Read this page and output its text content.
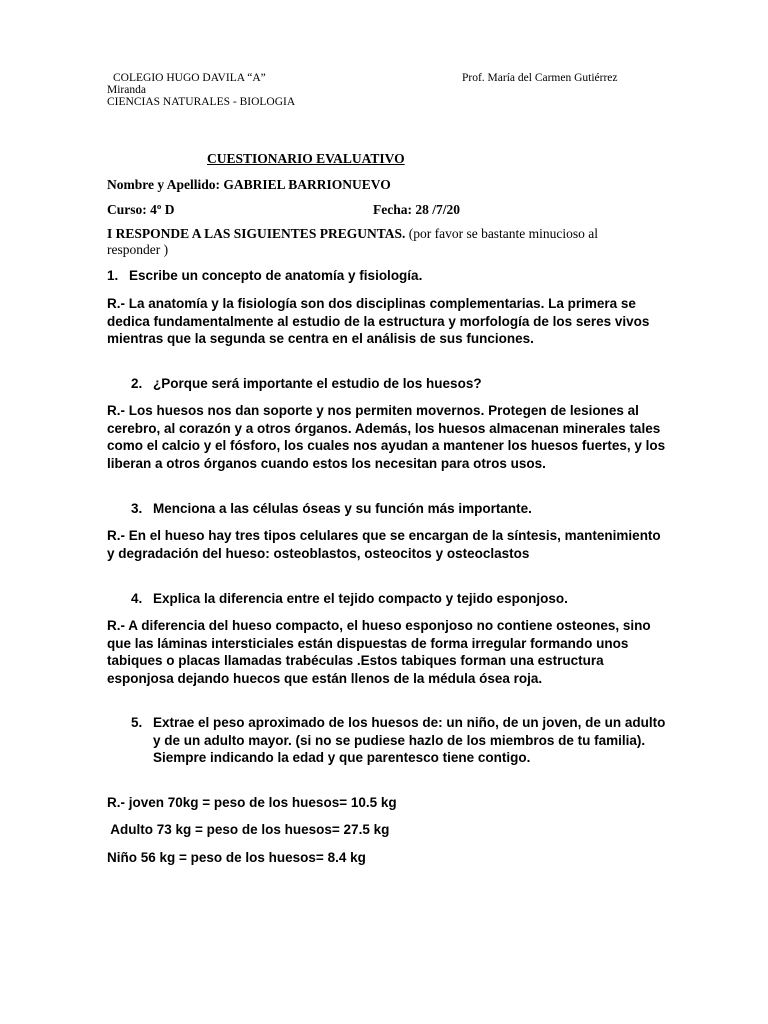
COLEGIO HUGO DAVILA “A”	Prof. María del Carmen Gutiérrez
Miranda
CIENCIAS NATURALES - BIOLOGIA
CUESTIONARIO EVALUATIVO
Nombre y Apellido: GABRIEL BARRIONUEVO
Curso: 4º D	Fecha: 28 /7/20
I RESPONDE A LAS SIGUIENTES PREGUNTAS. (por favor se bastante minucioso al responder )
1. Escribe un concepto de anatomía y fisiología.
R.- La anatomía y la fisiología son dos disciplinas complementarias. La primera se dedica fundamentalmente al estudio de la estructura y morfología de los seres vivos mientras que la segunda se centra en el análisis de sus funciones.
2. ¿Porque será importante el estudio de los huesos?
R.- Los huesos nos dan soporte y nos permiten movernos. Protegen de lesiones al cerebro, al corazón y a otros órganos. Además, los huesos almacenan minerales tales como el calcio y el fósforo, los cuales nos ayudan a mantener los huesos fuertes, y los liberan a otros órganos cuando estos los necesitan para otros usos.
3. Menciona a las células óseas y su función más importante.
R.- En el hueso hay tres tipos celulares que se encargan de la síntesis, mantenimiento y degradación del hueso: osteoblastos, osteocitos y osteoclastos
4. Explica la diferencia entre el tejido compacto y tejido esponjoso.
R.- A diferencia del hueso compacto, el hueso esponjoso no contiene osteones, sino que las láminas intersticiales están dispuestas de forma irregular formando unos tabiques o placas llamadas trabéculas .Estos tabiques forman una estructura esponjosa dejando huecos que están llenos de la médula ósea roja.
5. Extrae el peso aproximado de los huesos de: un niño, de un joven, de un adulto y de un adulto mayor. (si no se pudiese hazlo de los miembros de tu familia). Siempre indicando la edad y que parentesco tiene contigo.
R.- joven 70kg = peso de los huesos= 10.5 kg
Adulto 73 kg = peso de los huesos= 27.5 kg
Niño 56 kg = peso de los huesos= 8.4 kg
